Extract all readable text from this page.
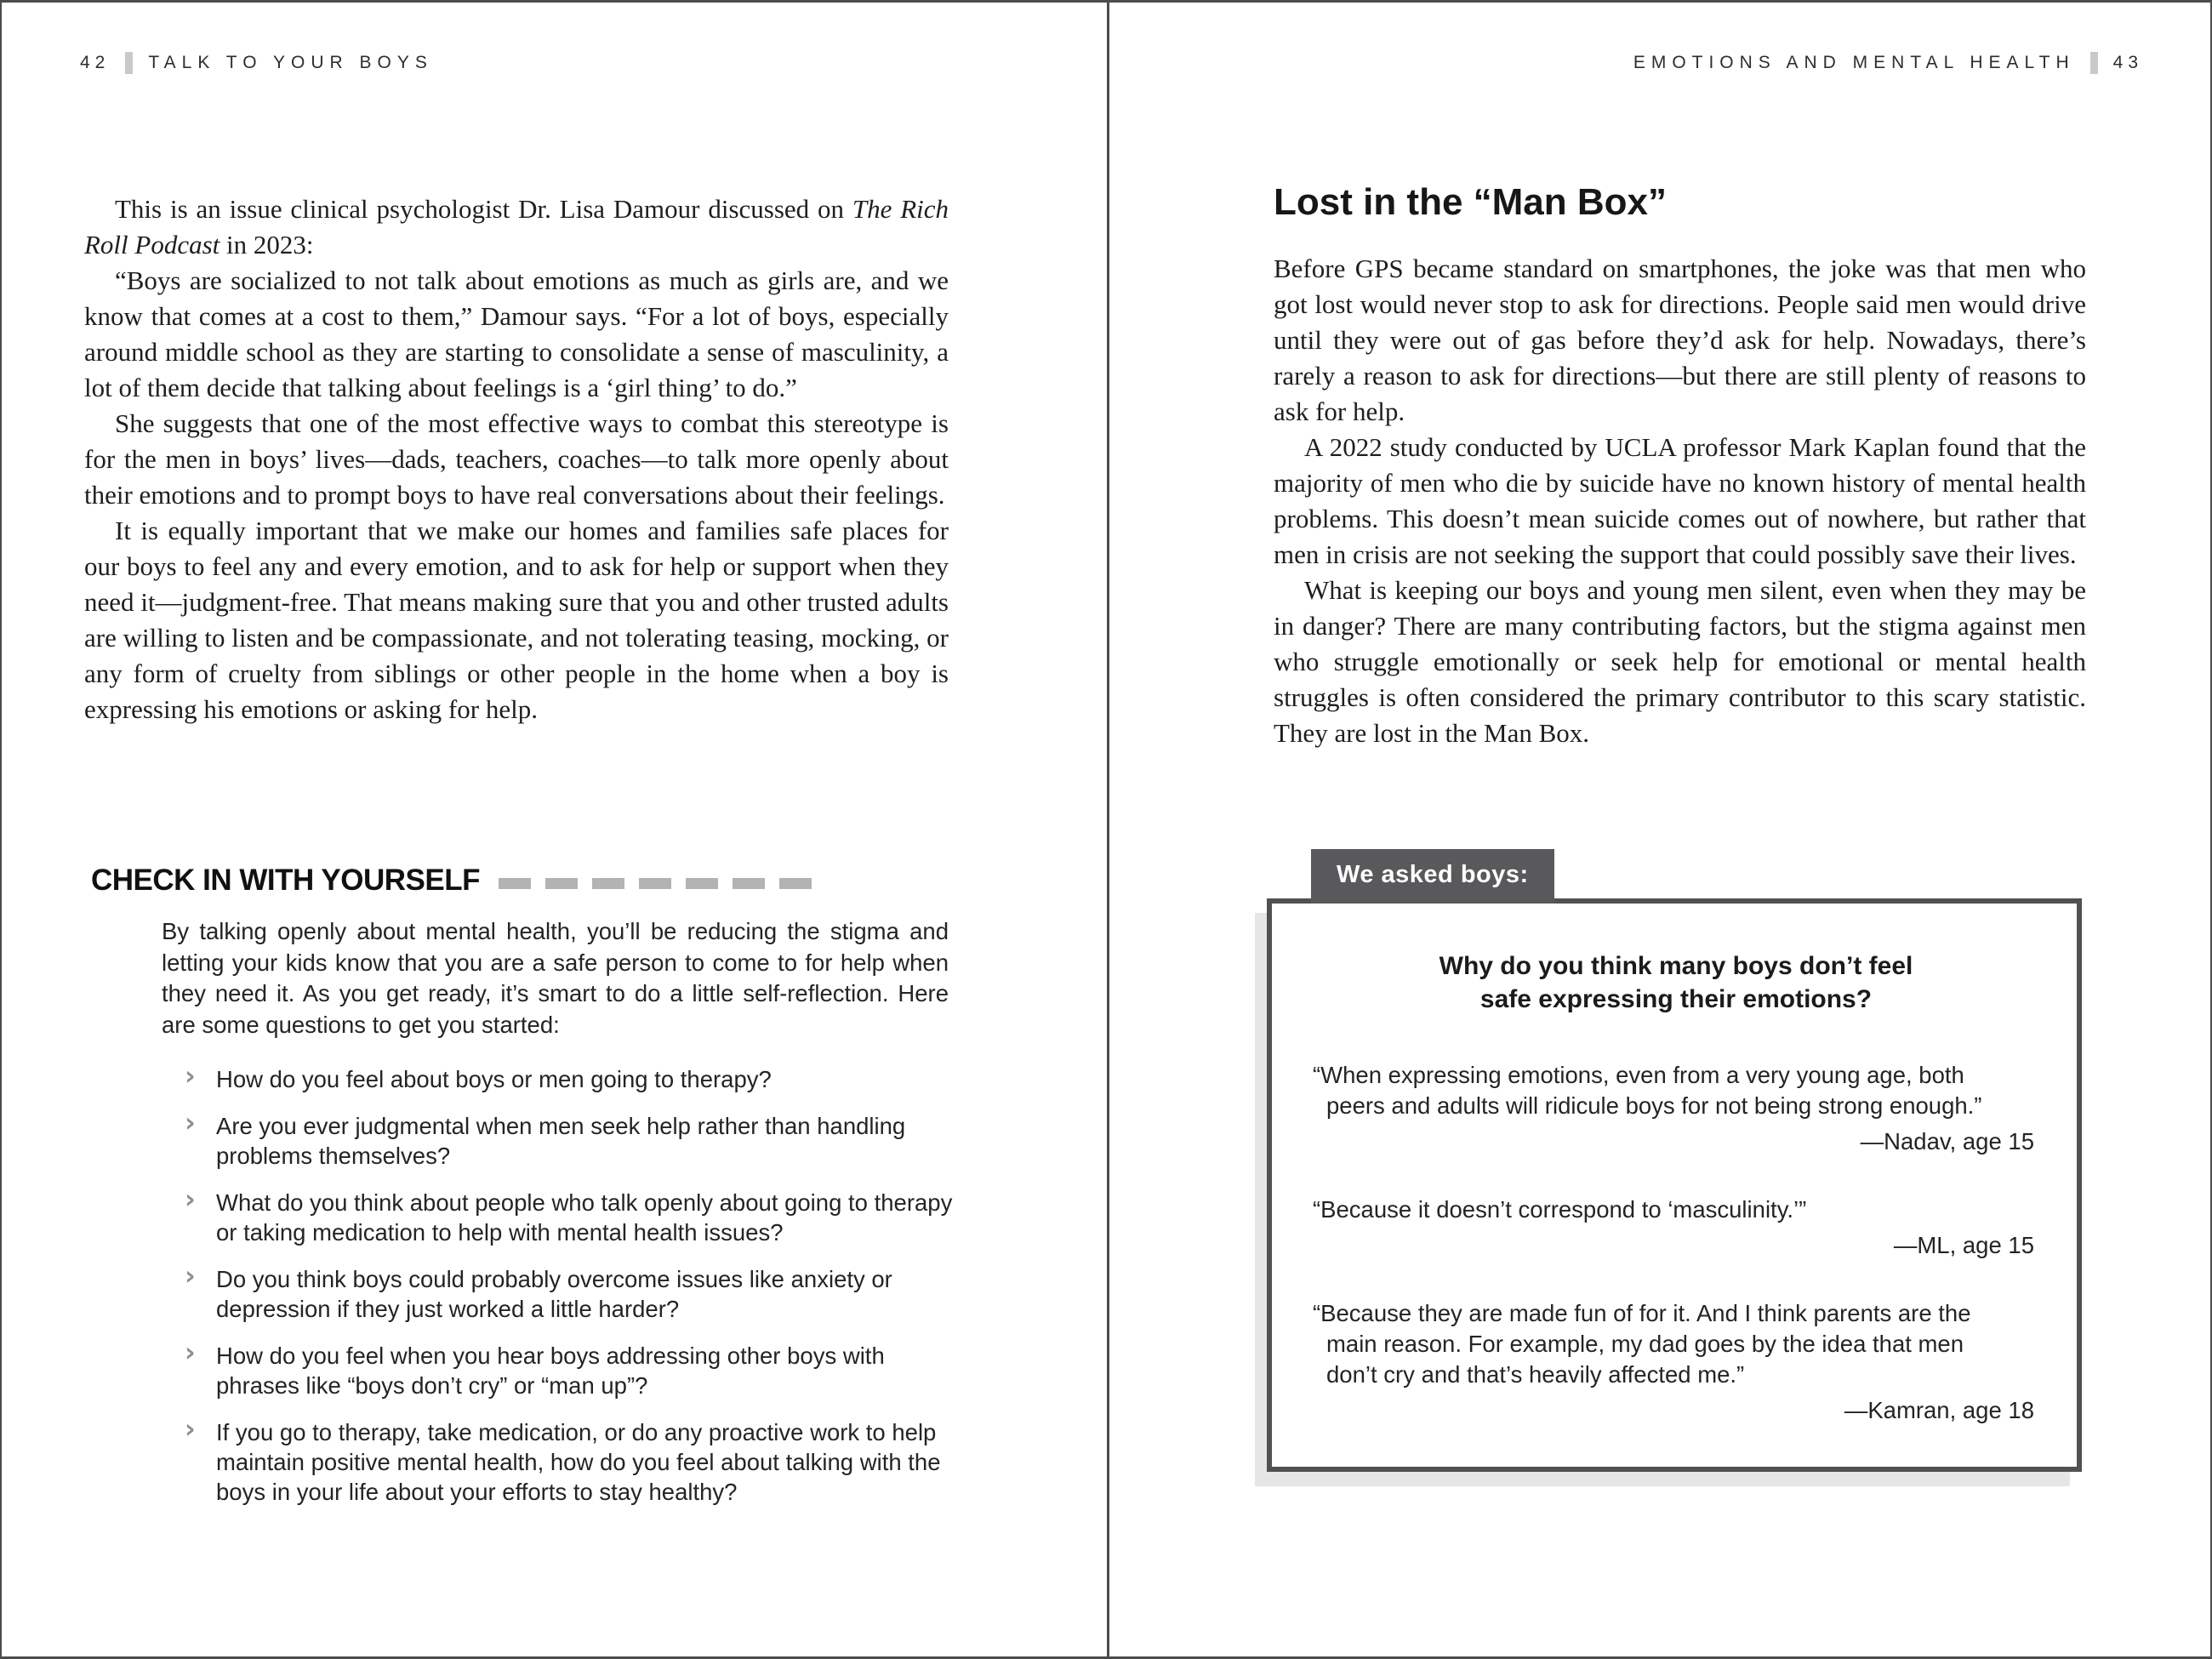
42 TALK TO YOUR BOYS

This is an issue clinical psychologist Dr. Lisa Damour discussed on The Rich Roll Podcast in 2023:

“Boys are socialized to not talk about emotions as much as girls are, and we know that comes at a cost to them,” Damour says. “For a lot of boys, especially around middle school as they are starting to consolidate a sense of masculinity, a lot of them decide that talking about feelings is a ‘girl thing’ to do.”

She suggests that one of the most effective ways to combat this stereotype is for the men in boys’ lives—dads, teachers, coaches—to talk more openly about their emotions and to prompt boys to have real conversations about their feelings.

It is equally important that we make our homes and families safe places for our boys to feel any and every emotion, and to ask for help or support when they need it—judgment-free. That means making sure that you and other trusted adults are willing to listen and be compassionate, and not tolerating teasing, mocking, or any form of cruelty from siblings or other people in the home when a boy is expressing his emotions or asking for help.

CHECK IN WITH YOURSELF

By talking openly about mental health, you’ll be reducing the stigma and letting your kids know that you are a safe person to come to for help when they need it. As you get ready, it’s smart to do a little self-reflection. Here are some questions to get you started:

› How do you feel about boys or men going to therapy?
› Are you ever judgmental when men seek help rather than handling problems themselves?
› What do you think about people who talk openly about going to therapy or taking medication to help with mental health issues?
› Do you think boys could probably overcome issues like anxiety or depression if they just worked a little harder?
› How do you feel when you hear boys addressing other boys with phrases like “boys don’t cry” or “man up”?
› If you go to therapy, take medication, or do any proactive work to help maintain positive mental health, how do you feel about talking with the boys in your life about your efforts to stay healthy?
EMOTIONS AND MENTAL HEALTH 43
Lost in the “Man Box”

Before GPS became standard on smartphones, the joke was that men who got lost would never stop to ask for directions. People said men would drive until they were out of gas before they’d ask for help. Nowadays, there’s rarely a reason to ask for directions—but there are still plenty of reasons to ask for help.

A 2022 study conducted by UCLA professor Mark Kaplan found that the majority of men who die by suicide have no known history of mental health problems. This doesn’t mean suicide comes out of nowhere, but rather that men in crisis are not seeking the support that could possibly save their lives.

What is keeping our boys and young men silent, even when they may be in danger? There are many contributing factors, but the stigma against men who struggle emotionally or seek help for emotional or mental health struggles is often considered the primary contributor to this scary statistic. They are lost in the Man Box.

We asked boys:
Why do you think many boys don’t feel
safe expressing their emotions?

“When expressing emotions, even from a very young age, both peers and adults will ridicule boys for not being strong enough.”

—Nadav, age 15

“Because it doesn’t correspond to ‘masculinity.’”

—ML, age 15

“Because they are made fun of for it. And I think parents are the main reason. For example, my dad goes by the idea that men don’t cry and that’s heavily affected me.”

—Kamran, age 18
